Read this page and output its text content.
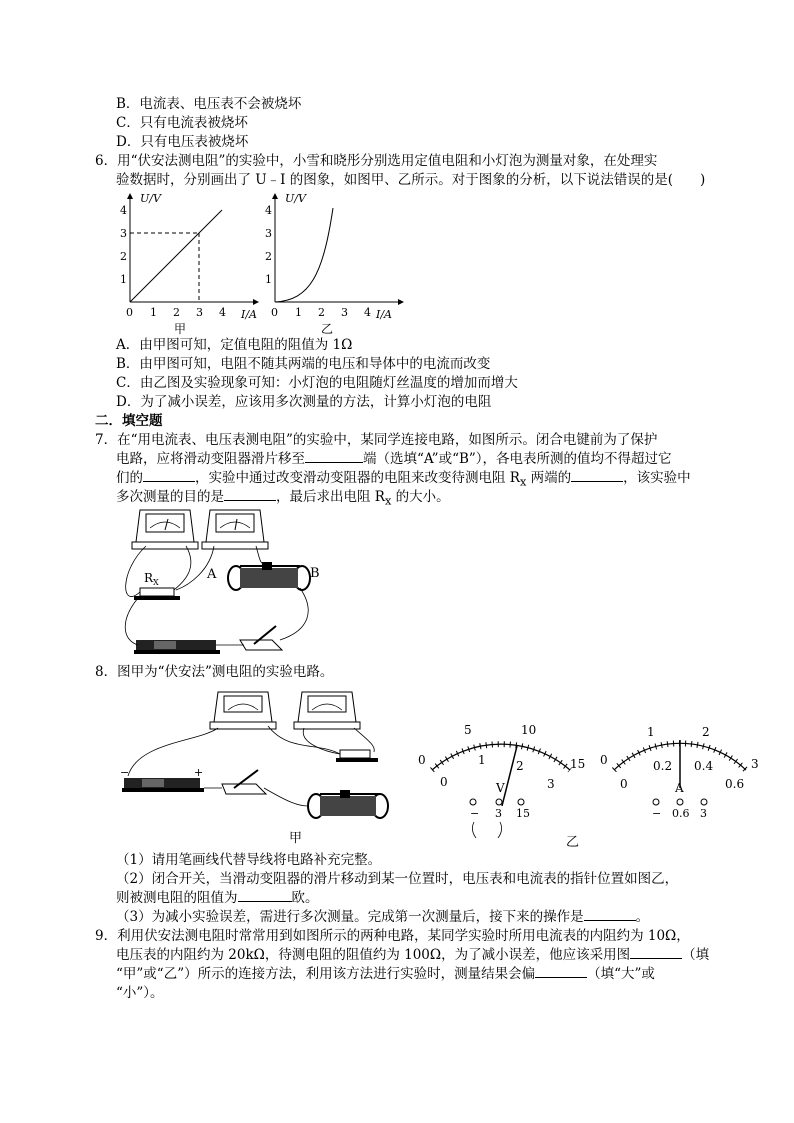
B．电流表、电压表不会被烧坏
C．只有电流表被烧坏
D．只有电压表被烧坏
6．用“伏安法测电阻”的实验中，小雪和晓彤分别选用定值电阻和小灯泡为测量对象，在处理实
验数据时，分别画出了 U﹣I 的图象，如图甲、乙所示。对于图象的分析，以下说法错误的是(　　)
U/V
I/A
0 1 2 3 4
1
2
3
4
甲
U/V
I/A
0 1 2 3 4
1
2
3
4
乙
A．由甲图可知，定值电阻的阻值为 1Ω
B．由甲图可知，电阻不随其两端的电压和导体中的电流而改变
C．由乙图及实验现象可知：小灯泡的电阻随灯丝温度的增加而增大
D．为了减小误差，应该用多次测量的方法，计算小灯泡的电阻
二．填空题
7．在“用电流表、电压表测电阻”的实验中，某同学连接电路，如图所示。闭合电键前为了保护
电路，应将滑动变阻器滑片移至	端（选填“A”或“B”），各电表所测的值均不得超过它
们的	，实验中通过改变滑动变阻器的电阻来改变待测电阻 $R_x$ 两端的	，该实验中
多次测量的目的是	，最后求出电阻 $R_x$ 的大小。
R X
A	B
8．图甲为“伏安法”测电阻的实验电路。
−	+
甲
0
5	10
15
0
1	2
3
V
− 3 15
乙
0
1	2
3
0
0.2 0.4
0.6
A
− 0.6 3
（1）请用笔画线代替导线将电路补充完整。
（2）闭合开关，当滑动变阻器的滑片移动到某一位置时，电压表和电流表的指针位置如图乙，
则被测电阻的阻值为	欧。
（3）为减小实验误差，需进行多次测量。完成第一次测量后，接下来的操作是	。
9．利用伏安法测电阻时常常用到如图所示的两种电路，某同学实验时所用电流表的内阻约为 10Ω，
电压表的内阻约为 20kΩ，待测电阻的阻值约为 100Ω，为了减小误差，他应该采用图	（填
“甲”或“乙”）所示的连接方法，利用该方法进行实验时，测量结果会偏	（填“大”或
“小”）。
